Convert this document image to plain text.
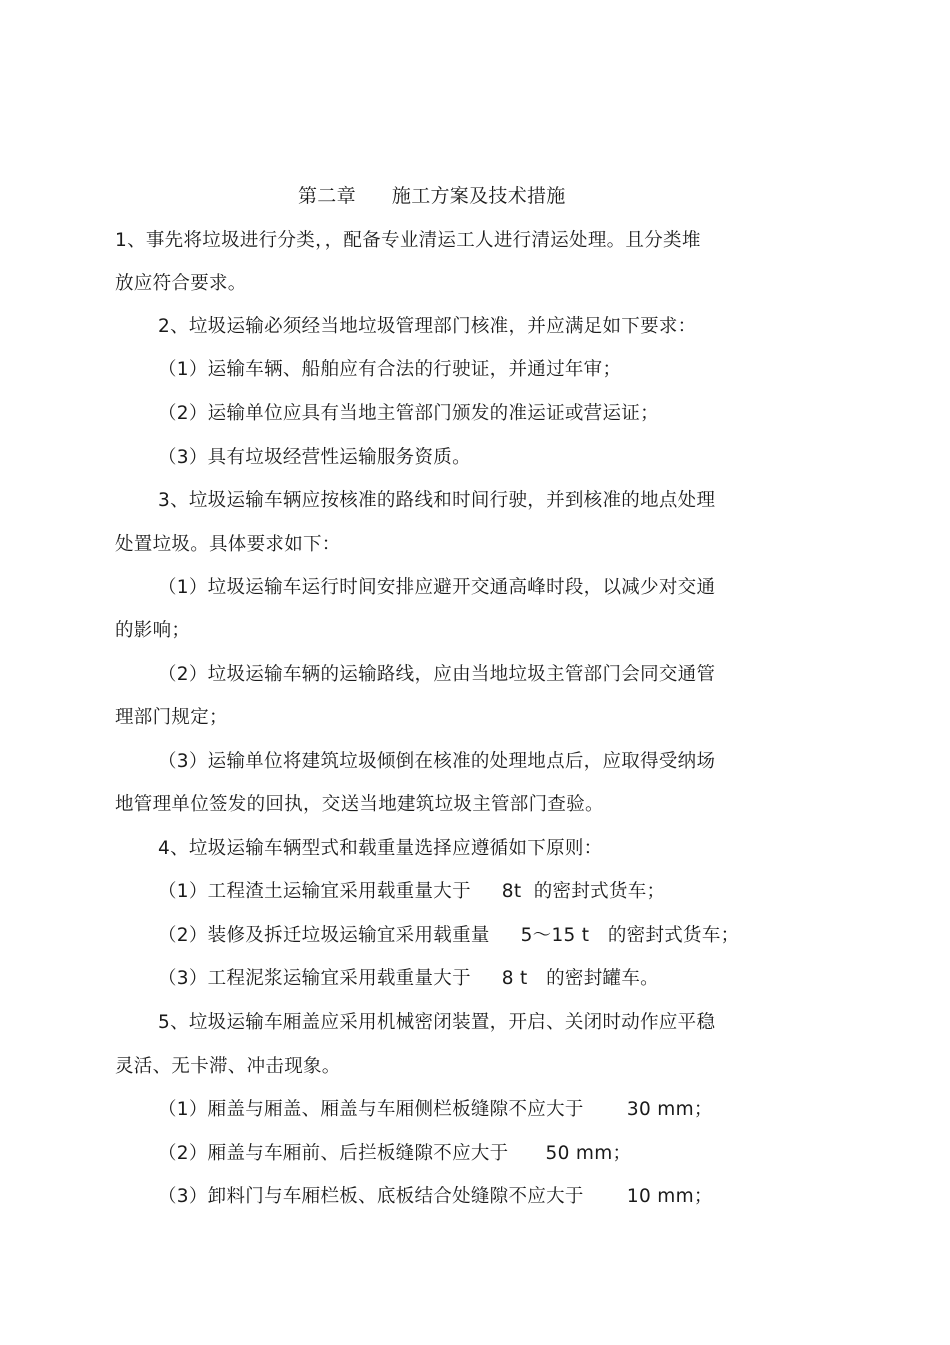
第二章 施工方案及技术措施

1、事先将垃圾进行分类，，配备专业清运工人进行清运处理。且分类堆

放应符合要求。

2、垃圾运输必须经当地垃圾管理部门核准，并应满足如下要求：

（1）运输车辆、船舶应有合法的行驶证，并通过年审；

（2）运输单位应具有当地主管部门颁发的准运证或营运证；

（3）具有垃圾经营性运输服务资质。

3、垃圾运输车辆应按核准的路线和时间行驶，并到核准的地点处理

处置垃圾。具体要求如下：

（1）垃圾运输车运行时间安排应避开交通高峰时段，以减少对交通

的影响；

（2）垃圾运输车辆的运输路线，应由当地垃圾主管部门会同交通管

理部门规定；

（3）运输单位将建筑垃圾倾倒在核准的处理地点后，应取得受纳场

地管理单位签发的回执，交送当地建筑垃圾主管部门查验。

4、垃圾运输车辆型式和载重量选择应遵循如下原则：

（1）工程渣土运输宜采用载重量大于     8t  的密封式货车；

（2）装修及拆迁垃圾运输宜采用载重量     5～15 t   的密封式货车；

（3）工程泥浆运输宜采用载重量大于     8 t   的密封罐车。

5、垃圾运输车厢盖应采用机械密闭装置，开启、关闭时动作应平稳

灵活、无卡滞、冲击现象。

（1）厢盖与厢盖、厢盖与车厢侧栏板缝隙不应大于       30 mm；

（2）厢盖与车厢前、后拦板缝隙不应大于      50 mm；

（3）卸料门与车厢栏板、底板结合处缝隙不应大于       10 mm；
